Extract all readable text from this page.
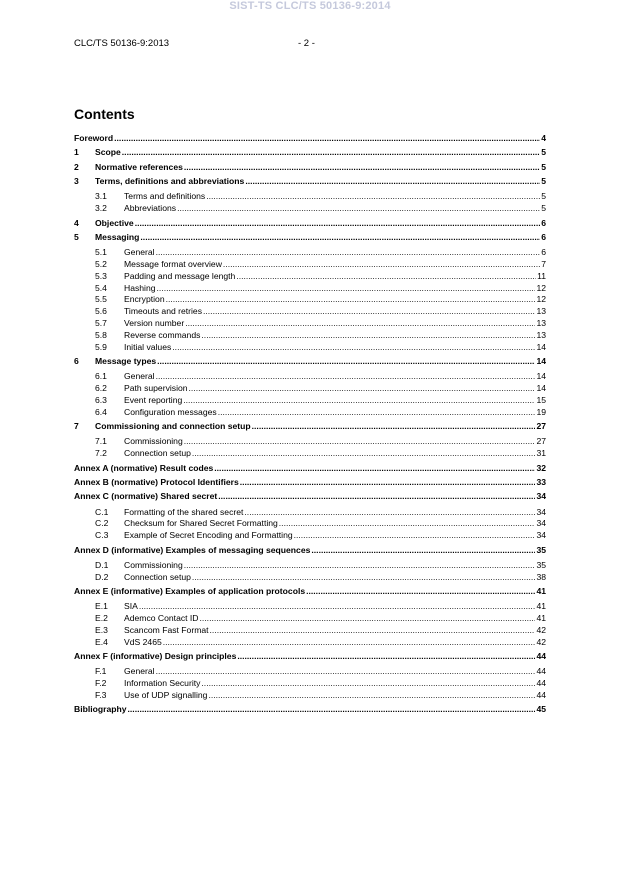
SIST-TS CLC/TS 50136-9:2014
CLC/TS 50136-9:2013	- 2 -
Contents
Foreword .....	4
1	Scope .....	5
2	Normative references .....	5
3	Terms, definitions and abbreviations .....	5
3.1	Terms and definitions .....	5
3.2	Abbreviations .....	5
4	Objective .....	6
5	Messaging .....	6
5.1	General .....	6
5.2	Message format overview .....	7
5.3	Padding and message length .....	11
5.4	Hashing .....	12
5.5	Encryption .....	12
5.6	Timeouts and retries .....	13
5.7	Version number .....	13
5.8	Reverse commands .....	13
5.9	Initial values .....	14
6	Message types .....	14
6.1	General .....	14
6.2	Path supervision .....	14
6.3	Event reporting .....	15
6.4	Configuration messages .....	19
7	Commissioning and connection setup .....	27
7.1	Commissioning .....	27
7.2	Connection setup .....	31
Annex A (normative) Result codes .....	32
Annex B (normative) Protocol Identifiers .....	33
Annex C (normative) Shared secret .....	34
C.1	Formatting of the shared secret .....	34
C.2	Checksum for Shared Secret Formatting .....	34
C.3	Example of Secret Encoding and Formatting .....	34
Annex D (informative) Examples of messaging sequences .....	35
D.1	Commissioning .....	35
D.2	Connection setup .....	38
Annex E (informative) Examples of application protocols .....	41
E.1	SIA .....	41
E.2	Ademco Contact ID .....	41
E.3	Scancom Fast Format .....	42
E.4	VdS 2465 .....	42
Annex F (informative) Design principles .....	44
F.1	General .....	44
F.2	Information Security .....	44
F.3	Use of UDP signalling .....	44
Bibliography .....	45
